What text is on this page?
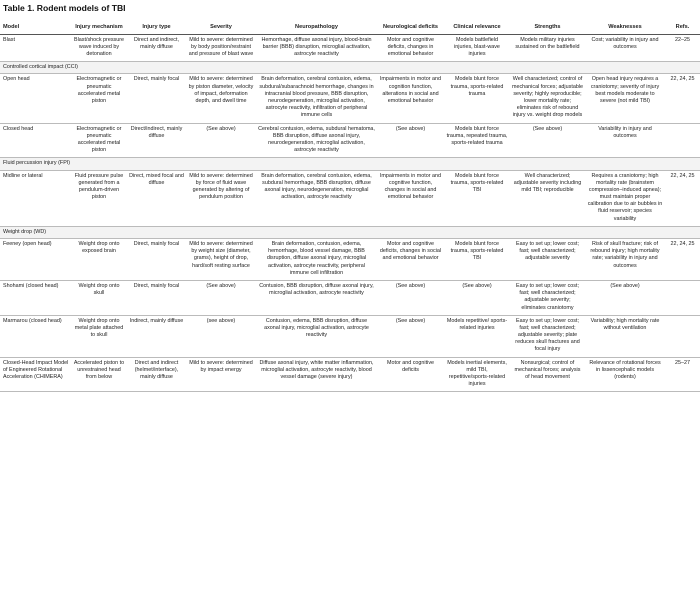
Table 1. Rodent models of TBI
Model	Injury mechanism	Injury type	Severity	Neuropathology	Neurological deficits	Clinical relevance	Strengths	Weaknesses	Refs.
Blast	Blast/shock pressure wave induced by detonation	Direct and indirect, mainly diffuse	Mild to severe: determined by body position/restraint and pressure of blast wave	Hemorrhage, diffuse axonal injury, blood-brain barrier (BBB) disruption, microglial activation, astrocyte reactivity	Motor and cognitive deficits, changes in emotional behavior	Models battlefield injuries, blast-wave injuries	Models military injuries sustained on the battlefield	Cost; variability in injury and outcomes	22–25
Controlled cortical impact (CCI)									
Open head	Electromagnetic or pneumatic accelerated metal piston	Direct, mainly focal	Mild to severe: determined by piston diameter, velocity of impact, deformation depth, and dwell time	Brain deformation, cerebral contusion, edema, subdural/subarachnoid hemorrhage, changes in intracranial blood pressure, BBB disruption, neurodegeneration, microglial activation, astrocyte reactivity, infiltration of peripheral immune cells	Impairments in motor and cognition function, alterations in social and emotional behavior	Models blunt force trauma, sports-related trauma	Well characterized; control of mechanical forces; adjustable severity; highly reproducible; lower mortality rate; eliminates risk of rebound injury vs. weight drop models	Open head injury requires a craniotomy; severity of injury best models moderate to severe (not mild TBI)	22, 24, 25
Closed head	Electromagnetic or pneumatic accelerated metal piston	Direct/indirect, mainly diffuse	(See above)	Cerebral contusion, edema, subdural hematoma, BBB disruption, diffuse axonal injury, neurodegeneration, microglial activation, astrocyte reactivity	(See above)	Models blunt force trauma, repeated trauma, sports-related trauma	(See above)	Variability in injury and outcomes	
Fluid percussion injury (FPI)									
Midline or lateral	Fluid pressure pulse generated from a pendulum-driven piston	Direct, mixed focal and diffuse	Mild to severe: determined by force of fluid wave generated by altering of pendulum position	Brain deformation, cerebral contusion, edema, subdural hemorrhage, BBB disruption, diffuse axonal injury, neurodegeneration, microglial activation, astrocyte reactivity	Impairments in motor and cognitive function, changes in social and emotional behavior	Models blunt force trauma, sports-related TBI	Well characterized; adjustable severity including mild TBI; reproducible	Requires a craniotomy; high mortality rate (brainstem compression–induced apnea); must maintain proper calibration due to air bubbles in fluid reservoir; species variability	22, 24, 25
Weight drop (WD)									
Feeney (open head)	Weight drop onto exposed brain	Direct, mainly focal	Mild to severe: determined by weight size (diameter, grams), height of drop, hard/soft resting surface	Brain deformation, contusion, edema, hemorrhage, blood vessel damage, BBB disruption, diffuse axonal injury, microglial activation, astrocyte reactivity, peripheral immune cell infiltration	Motor and cognitive deficits, changes in social and emotional behavior	Models blunt force trauma, sports-related TBI	Easy to set up; lower cost; fast; well characterized; adjustable severity	Risk of skull fracture; risk of rebound injury; high mortality rate; variability in injury and outcomes	22, 24, 25
Shohami (closed head)	Weight drop onto skull	Direct, mainly focal	(See above)	Contusion, BBB disruption, diffuse axonal injury, microglial activation, astrocyte reactivity	(See above)	(See above)	Easy to set up; lower cost; fast; well characterized; adjustable severity; eliminates craniotomy	(See above)	
Marmarou (closed head)	Weight drop onto metal plate attached to skull	Indirect, mainly diffuse	(see above)	Contusion, edema, BBB disruption, diffuse axonal injury, microglial activation, astrocyte reactivity	(See above)	Models repetitive/ sports-related injuries	Easy to set up; lower cost; fast; well characterized; adjustable severity; plate reduces skull fractures and focal injury	Variability; high mortality rate without ventilation	
Closed-Head Impact Model of Engineered Rotational Acceleration (CHIMERA)	Accelerated piston to unrestrained head from below	Direct and indirect (helmet/interface), mainly diffuse	Mild to severe: determined by impact energy	Diffuse axonal injury, white matter inflammation, microglial activation, astrocyte reactivity, blood vessel damage (severe injury)	Motor and cognitive deficits	Models inertial elements, mild TBI, repetitive/sports-related injuries	Nonsurgical; control of mechanical forces; analysis of head movement	Relevance of rotational forces in lissencephalic models (rodents)	25–27
